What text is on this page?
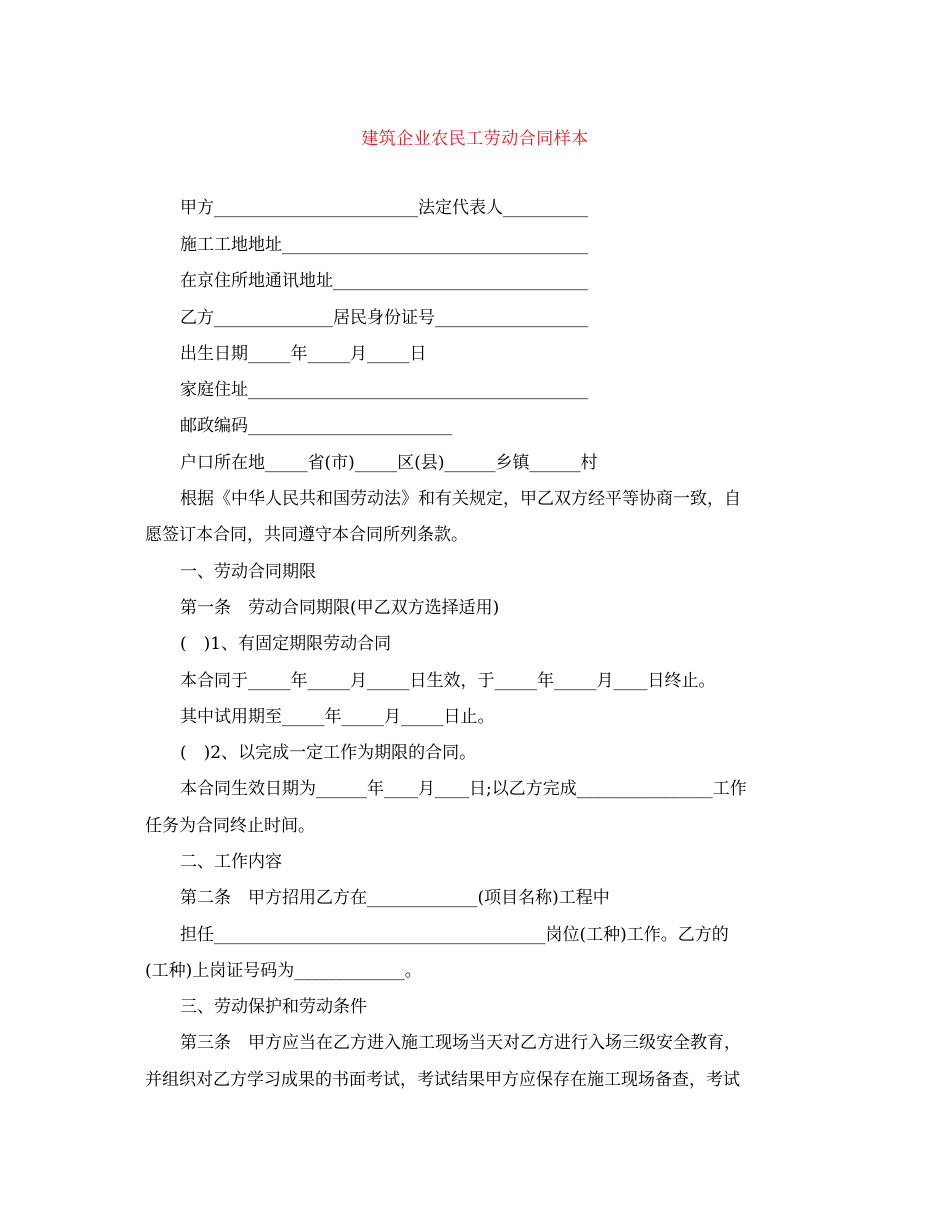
建筑企业农民工劳动合同样本
甲方________________________法定代表人__________
施工工地地址____________________________________
在京住所地通讯地址______________________________
乙方______________居民身份证号__________________
出生日期_____年_____月_____日
家庭住址________________________________________
邮政编码________________________
户口所在地_____省(市)_____区(县)______乡镇______村
根据《中华人民共和国劳动法》和有关规定，甲乙双方经平等协商一致，自
愿签订本合同，共同遵守本合同所列条款。
一、劳动合同期限
第一条　劳动合同期限(甲乙双方选择适用)
(　)1、有固定期限劳动合同
本合同于_____年_____月_____日生效，于_____年_____月____日终止。
其中试用期至_____年_____月_____日止。
(　)2、以完成一定工作为期限的合同。
本合同生效日期为______年____月____日;以乙方完成________________工作
任务为合同终止时间。
二、工作内容
第二条　甲方招用乙方在_____________(项目名称)工程中
担任_______________________________________岗位(工种)工作。乙方的
(工种)上岗证号码为_____________。
三、劳动保护和劳动条件
第三条　甲方应当在乙方进入施工现场当天对乙方进行入场三级安全教育，
并组织对乙方学习成果的书面考试，考试结果甲方应保存在施工现场备查，考试
